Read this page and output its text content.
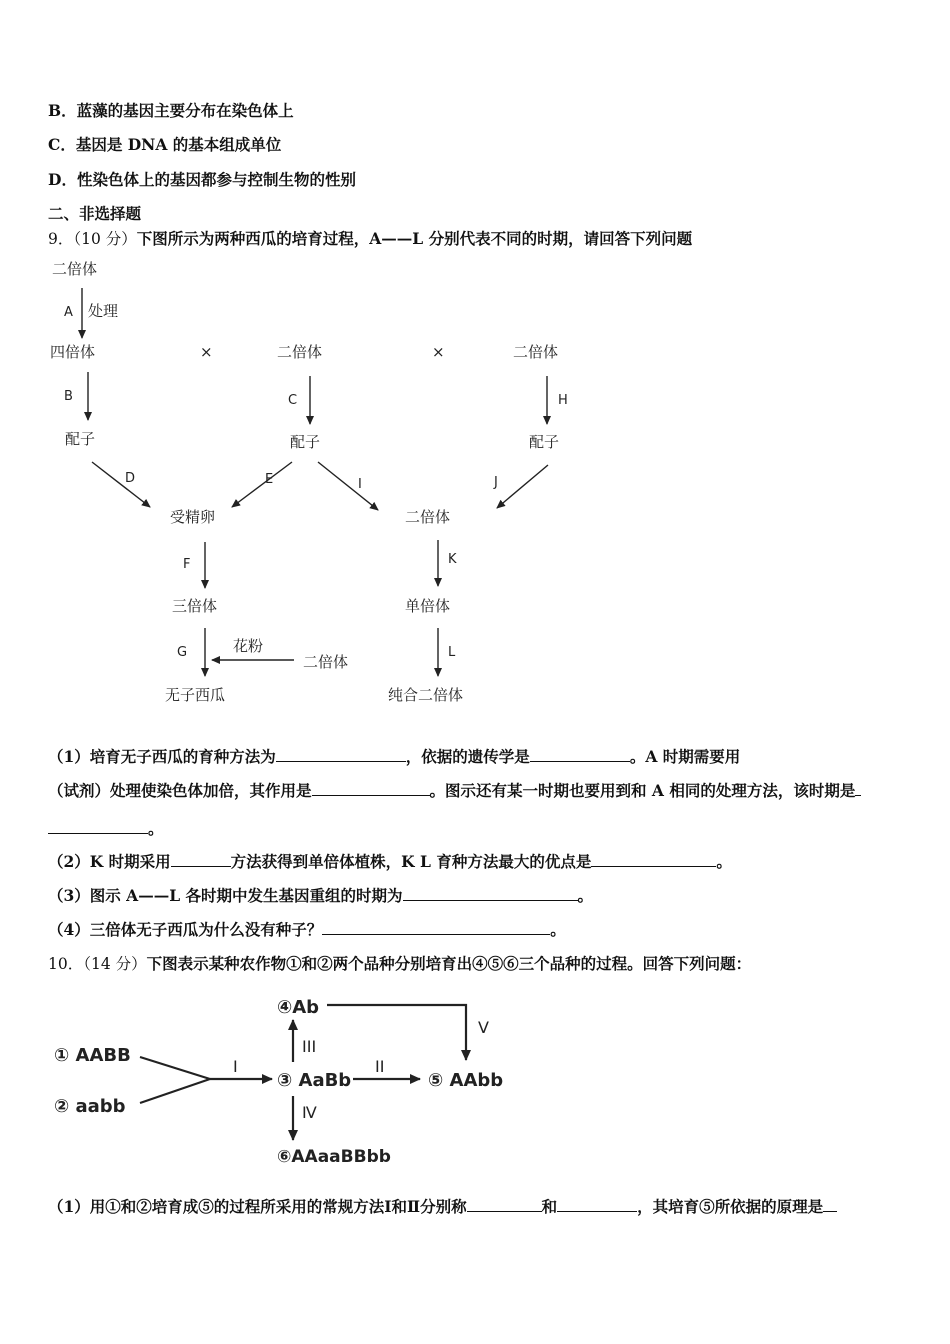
B．蓝藻的基因主要分布在染色体上
C．基因是 DNA 的基本组成单位
D．性染色体上的基因都参与控制生物的性别
二、非选择题
9．（10 分）下图所示为两种西瓜的培育过程，A——L 分别代表不同的时期，请回答下列问题
二倍体
A 处理
四倍体	×	二倍体	×	二倍体
B	C	H
配子	配子	配子
D	E	I	J
受精卵	二倍体
F	K
三倍体	单倍体
G	花粉
二倍体
L
无子西瓜	纯合二倍体
（1）培育无子西瓜的育种方法为	，依据的遗传学是	。A 时期需要用
（试剂）处理使染色体加倍，其作用是	。图示还有某一时期也要用到和 A 相同的处理方法，该时期是
。
（2）K 时期采用	方法获得到单倍体植株，K L 育种方法最大的优点是	。
（3）图示 A——L 各时期中发生基因重组的时期为	。
（4）三倍体无子西瓜为什么没有种子？	。
10．（14 分）下图表示某种农作物①和②两个品种分别培育出④⑤⑥三个品种的过程。回答下列问题：
① AABB
② aabb
I
③ AaBb
II
⑤ AAbb
III
④Ab
Ⅳ
⑥AAaaBBbb
V
（1）用①和②培育成⑤的过程所采用的常规方法Ⅰ和Ⅱ分别称	和	，其培育⑤所依据的原理是
